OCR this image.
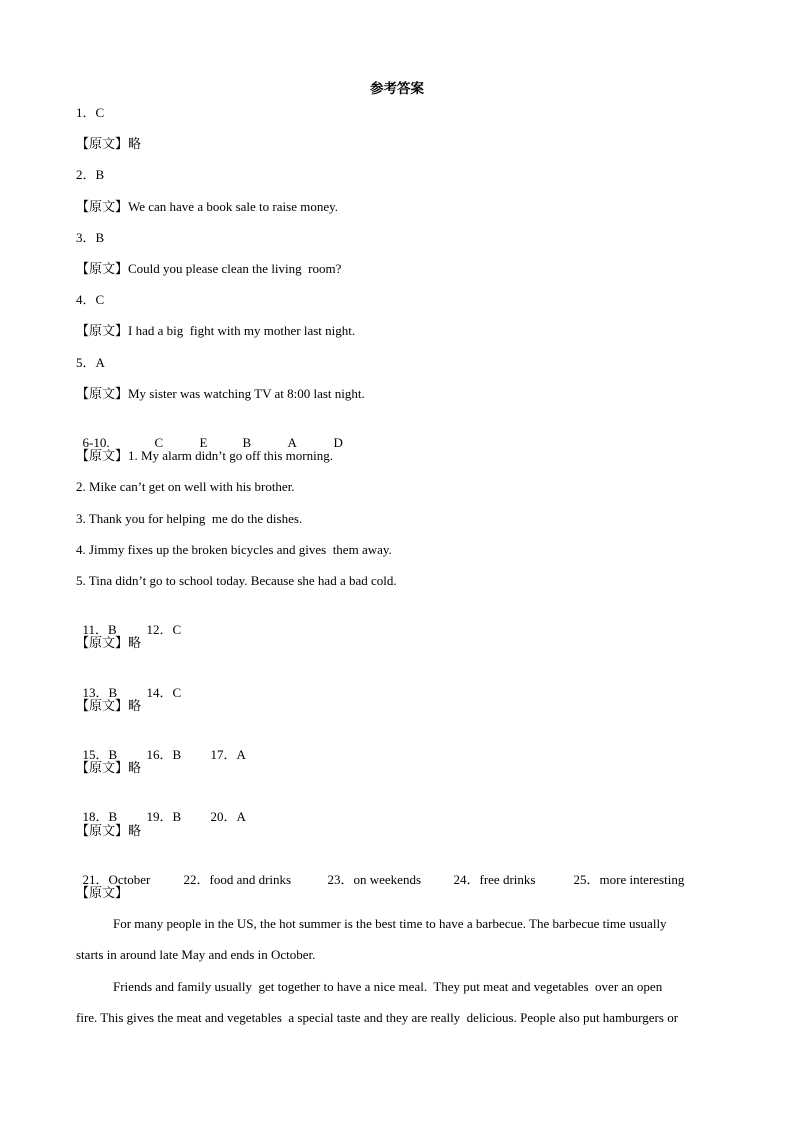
参考答案
1．C
【原文】略
2．B
【原文】We can have a book sale to raise money.
3．B
【原文】Could you please clean the living  room?
4．C
【原文】I had a big  fight with my mother last night.
5．A
【原文】My sister was watching TV at 8:00 last night.

6-10.	C	E	B	A	D

【原文】1. My alarm didn’t go off this morning.
2. Mike can’t get on well with his brother.
3. Thank you for helping  me do the dishes.
4. Jimmy fixes up the broken bicycles and gives  them away.
5. Tina didn’t go to school today. Because she had a bad cold.

11．B 12．C

【原文】略

13．B 14．C

【原文】略

15．B 16．B 17．A

【原文】略

18．B 19．B 20．A

【原文】略

21．October	22．food and drinks	23．on weekends 24．free drinks	25．more interesting

【原文】
For many people in the US, the hot summer is the best time to have a barbecue. The barbecue time usually
starts in around late May and ends in October.
Friends and family usually  get together to have a nice meal.  They put meat and vegetables  over an open
fire. This gives the meat and vegetables  a special taste and they are really  delicious. People also put hamburgers or
